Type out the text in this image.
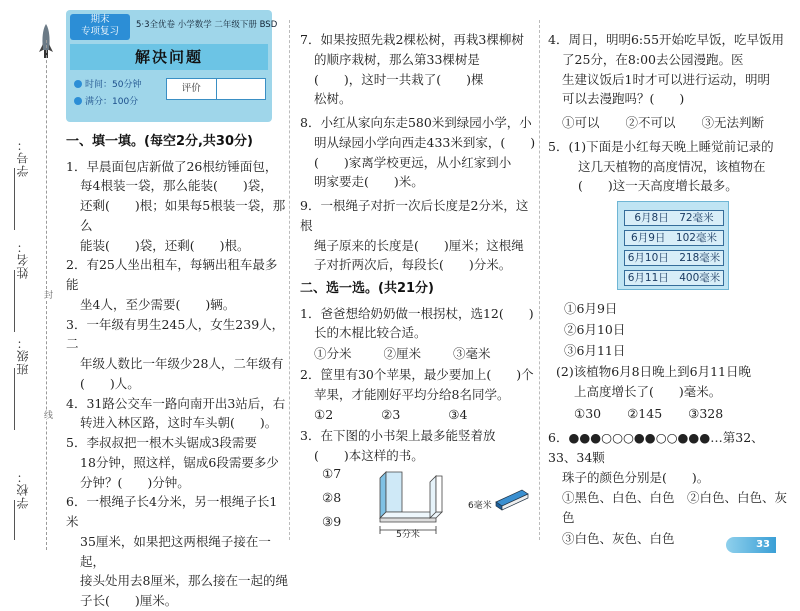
学号：
姓名：
班级：
学校：
封
线
期末
专项复习
5·3全优卷 小学数学 二年级下册 BSD
解决问题
时间：50分钟
满分：100分
评价
一、填一填。(每空2分,共30分)
1．早晨面包店新做了26根纺锤面包，
每4根装一袋，那么能装(　　)袋，
还剩(　　)根；如果每5根装一袋，那么
能装(　　)袋，还剩(　　)根。
2．有25人坐出租车，每辆出租车最多能
坐4人，至少需要(　　)辆。
3．一年级有男生245人，女生239人，二
年级人数比一年级少28人，二年级有
(　　)人。
4．31路公交车一路向南开出3站后，右
转进入林区路，这时车头朝(　　)。
5．李叔叔把一根木头锯成3段需要
18分钟，照这样，锯成6段需要多少
分钟？(　　)分钟。
6．一根绳子长4分米，另一根绳子长1米
35厘米，如果把这两根绳子接在一起，
接头处用去8厘米，那么接在一起的绳
子长(　　)厘米。
7．如果按照先栽2棵松树，再栽3棵柳树
的顺序栽树，那么第33棵树是
(　　)，这时一共栽了(　　)棵
松树。
8．小红从家向东走580米到绿园小学，小
明从绿园小学向西走433米到家，(　　)
(　　)家离学校更远，从小红家到小
明家要走(　　)米。
9．一根绳子对折一次后长度是2分米，这根
绳子原来的长度是(　　)厘米；这根绳
子对折两次后，每段长(　　)分米。
二、选一选。(共21分)
1．爸爸想给奶奶做一根拐杖，选12(　　)
长的木棍比较合适。
①分米	②厘米	③毫米
2．筐里有30个苹果，最少要加上(　　)个
苹果，才能刚好平均分给8名同学。
①2	②3	③4
3．在下图的小书架上最多能竖着放
(　　)本这样的书。
①7
②8
③9
5分米
6毫米
4．周日，明明6:55开始吃早饭，吃早饭用
了25分，在8:00去公园漫跑。医
生建议饭后1时才可以进行运动，明明
可以去漫跑吗？(　　)
①可以 ②不可以 ③无法判断
5．(1)下面是小红每天晚上睡觉前记录的
这几天植物的高度情况，该植物在
(　　)这一天高度增长最多。
①6月9日
②6月10日
③6月11日
(2)该植物6月8日晚上到6月11日晚
上高度增长了(　　)毫米。
①30 ②145 ③328
6．●●●○○○●●○○●●●…第32、33、34颗
珠子的颜色分别是(　　)。
①黑色、白色、白色　②白色、白色、灰色
③白色、灰色、白色
6月8日　72毫米
6月9日　102毫米
6月10日　218毫米
6月11日　400毫米
33
